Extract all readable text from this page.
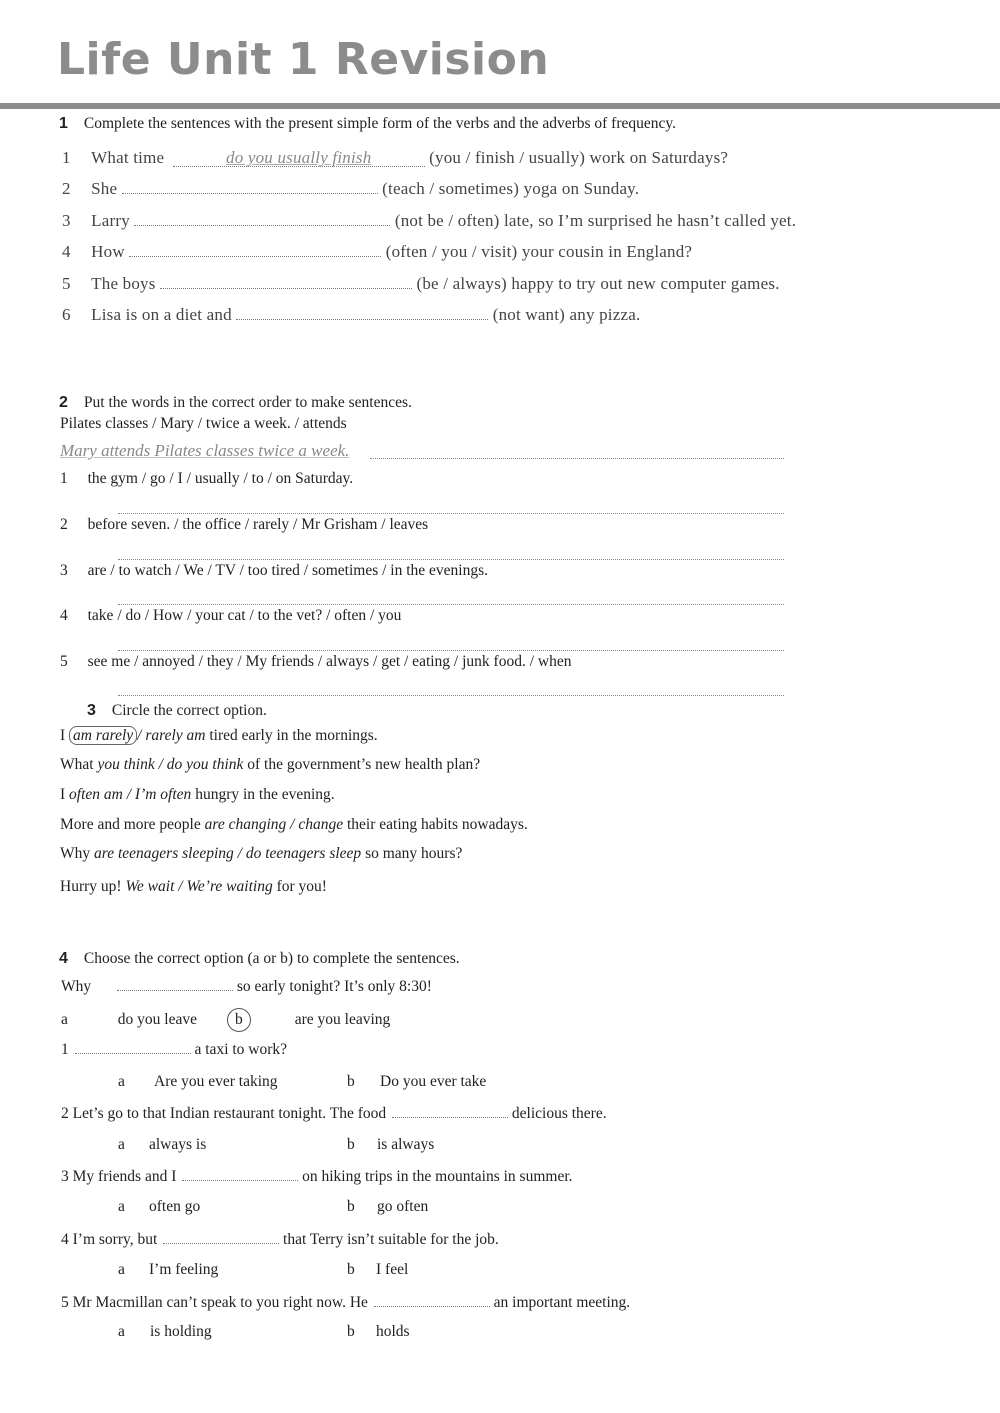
Life Unit 1 Revision
1 Complete the sentences with the present simple form of the verbs and the adverbs of frequency.
1 What time	do you usually finish	(you / finish / usually) work on Saturdays?
2 She	(teach / sometimes) yoga on Sunday.
3 Larry	(not be / often) late, so I’m surprised he hasn’t called yet.
4 How	(often / you / visit) your cousin in England?
5 The boys	(be / always) happy to try out new computer games.
6 Lisa is on a diet and	(not want) any pizza.
2 Put the words in the correct order to make sentences.
Pilates classes / Mary / twice a week. / attends
Mary attends Pilates classes twice a week.
1 the gym / go / I / usually / to / on Saturday.
2 before seven. / the office / rarely / Mr Grisham / leaves
3 are / to watch / We / TV / too tired / sometimes / in the evenings.
4 take / do / How / your cat / to the vet? / often / you
5 see me / annoyed / they / My friends / always / get / eating / junk food. / when
3 Circle the correct option.
I am rarely / rarely am tired early in the mornings.
What you think / do you think of the government’s new health plan?
I often am / I’m often hungry in the evening.
More and more people are changing / change their eating habits nowadays.
Why are teenagers sleeping / do teenagers sleep so many hours?
Hurry up! We wait / We’re waiting for you!
4 Choose the correct option (a or b) to complete the sentences.
Why	so early tonight? It’s only 8:30!
a	do you leave b	are you leaving
1	a taxi to work?
a Are you ever taking	b Do you ever take
2 Let’s go to that Indian restaurant tonight. The food	delicious there.
a always is	b is always
3 My friends and I	on hiking trips in the mountains in summer.
a often go	b go often
4 I’m sorry, but	that Terry isn’t suitable for the job.
a I’m feeling	b I feel
5 Mr Macmillan can’t speak to you right now. He	an important meeting.
a is holding	b holds
